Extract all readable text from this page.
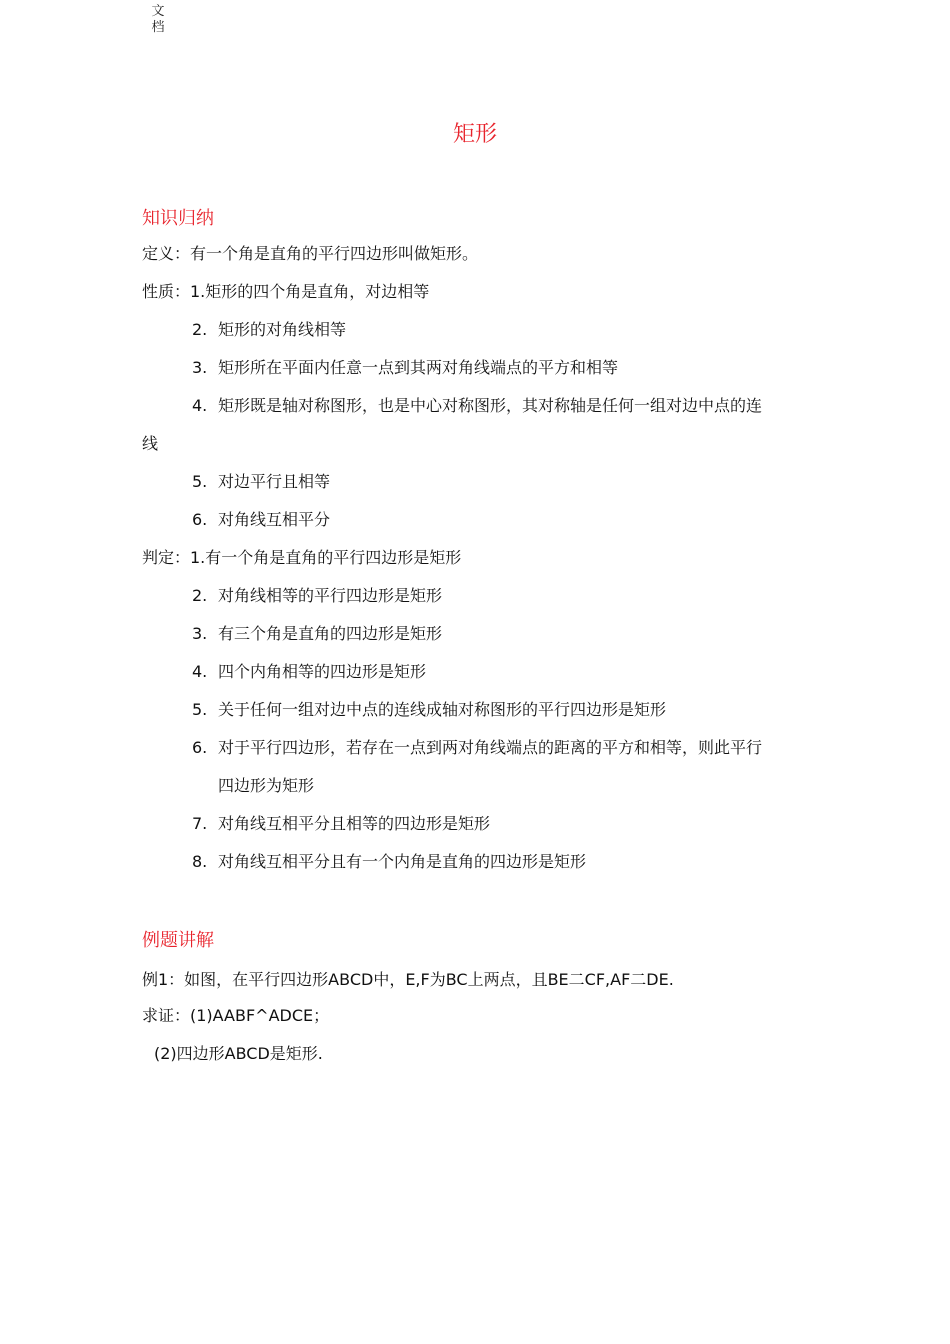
文
档
矩形
知识归纳
定义：有一个角是直角的平行四边形叫做矩形。
性质：1.矩形的四个角是直角，对边相等
2. 矩形的对角线相等
3. 矩形所在平面内任意一点到其两对角线端点的平方和相等
4. 矩形既是轴对称图形，也是中心对称图形，其对称轴是任何一组对边中点的连
线
5. 对边平行且相等
6. 对角线互相平分
判定：1.有一个角是直角的平行四边形是矩形
2. 对角线相等的平行四边形是矩形
3. 有三个角是直角的四边形是矩形
4. 四个内角相等的四边形是矩形
5. 关于任何一组对边中点的连线成轴对称图形的平行四边形是矩形
6. 对于平行四边形，若存在一点到两对角线端点的距离的平方和相等，则此平行
四边形为矩形
7. 对角线互相平分且相等的四边形是矩形
8. 对角线互相平分且有一个内角是直角的四边形是矩形
例题讲解
例1：如图，在平行四边形ABCD中，E,F为BC上两点，且BE二CF,AF二DE.
求证：(1)AABF^ADCE；
(2)四边形ABCD是矩形.
